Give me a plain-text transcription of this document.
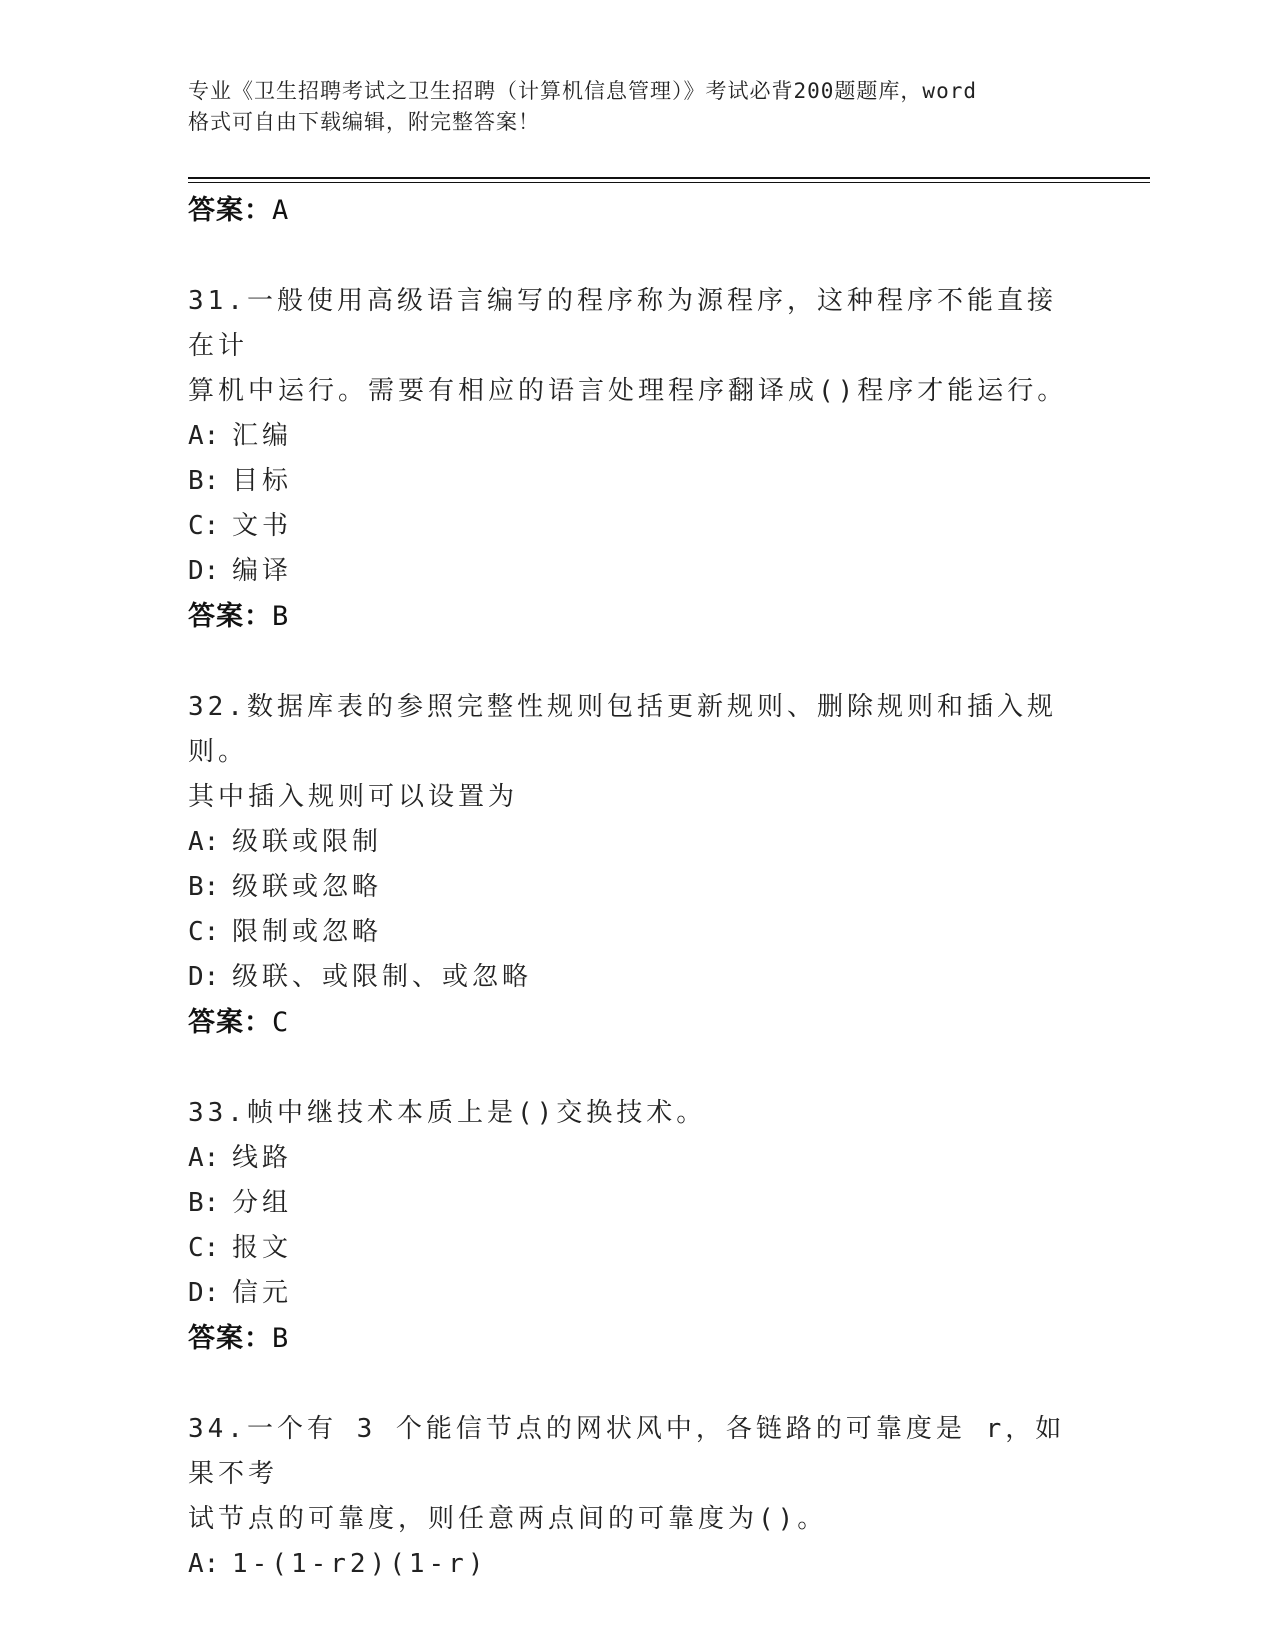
专业《卫生招聘考试之卫生招聘（计算机信息管理）》考试必背200题题库，word
格式可自由下载编辑，附完整答案！
答案：A
31.一般使用高级语言编写的程序称为源程序，这种程序不能直接在计
算机中运行。需要有相应的语言处理程序翻译成()程序才能运行。
A: 汇编
B: 目标
C: 文书
D: 编译
答案：B
32.数据库表的参照完整性规则包括更新规则、删除规则和插入规则。
其中插入规则可以设置为
A: 级联或限制
B: 级联或忽略
C: 限制或忽略
D: 级联、或限制、或忽略
答案：C
33.帧中继技术本质上是()交换技术。
A: 线路
B: 分组
C: 报文
D: 信元
答案：B
34.一个有 3 个能信节点的网状风中，各链路的可靠度是 r，如果不考
试节点的可靠度，则任意两点间的可靠度为()。
A: 1-(1-r2)(1-r)
